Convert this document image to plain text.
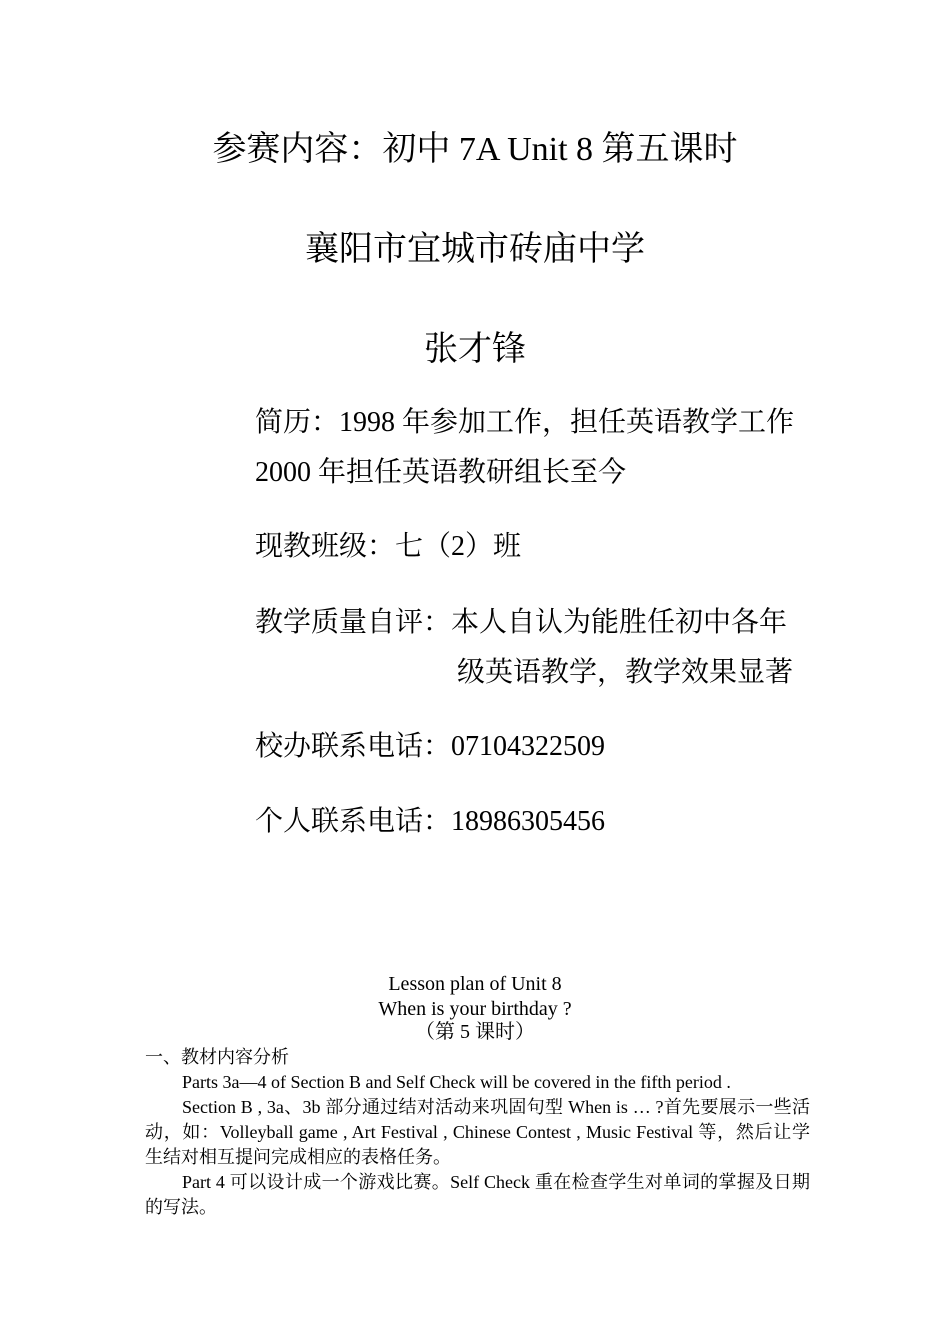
参赛内容：初中 7A Unit 8 第五课时
襄阳市宜城市砖庙中学
张才锋
简历：1998 年参加工作，担任英语教学工作
2000 年担任英语教研组长至今
现教班级：七（2）班
教学质量自评：本人自认为能胜任初中各年
级英语教学，教学效果显著
校办联系电话：07104322509
个人联系电话：18986305456
Lesson plan of Unit 8
When is your birthday ?
（第 5 课时）
一、教材内容分析
Parts 3a—4 of Section B and Self Check will be covered in the fifth period .
Section B , 3a、3b 部分通过结对活动来巩固句型 When is … ?首先要展示一些活动，如：Volleyball game , Art Festival , Chinese Contest , Music Festival 等，然后让学生结对相互提问完成相应的表格任务。
Part 4 可以设计成一个游戏比赛。Self Check 重在检查学生对单词的掌握及日期的写法。
